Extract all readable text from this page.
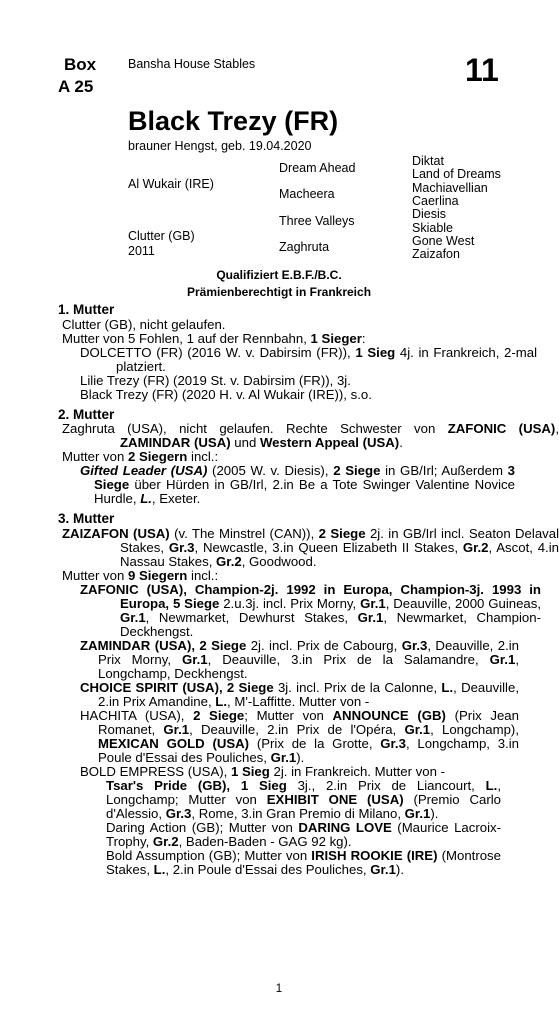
Box
A 25
Bansha House Stables	11
Black Trezy (FR)
brauner Hengst, geb. 19.04.2020
Al Wukair (IRE)
Clutter (GB)
2011
Dream Ahead
Macheera
Three Valleys
Zaghruta
Diktat
Land of Dreams
Machiavellian
Caerlina
Diesis
Skiable
Gone West
Zaizafon
Qualifiziert E.B.F./B.C.
Prämienberechtigt in Frankreich
1. Mutter
Clutter (GB), nicht gelaufen.
Mutter von 5 Fohlen, 1 auf der Rennbahn, 1 Sieger:
DOLCETTO (FR) (2016 W. v. Dabirsim (FR)), 1 Sieg 4j. in Frankreich, 2-mal platziert.
Lilie Trezy (FR) (2019 St. v. Dabirsim (FR)), 3j.
Black Trezy (FR) (2020 H. v. Al Wukair (IRE)), s.o.
2. Mutter
Zaghruta (USA), nicht gelaufen. Rechte Schwester von ZAFONIC (USA), ZAMINDAR (USA) und Western Appeal (USA).
Mutter von 2 Siegern incl.:
Gifted Leader (USA) (2005 W. v. Diesis), 2 Siege in GB/Irl; Außerdem 3 Siege über Hürden in GB/Irl, 2.in Be a Tote Swinger Valentine Novice Hurdle, L., Exeter.
3. Mutter
ZAIZAFON (USA) (v. The Minstrel (CAN)), 2 Siege 2j. in GB/Irl incl. Seaton Delaval Stakes, Gr.3, Newcastle, 3.in Queen Elizabeth II Stakes, Gr.2, Ascot, 4.in Nassau Stakes, Gr.2, Goodwood.
Mutter von 9 Siegern incl.:
ZAFONIC (USA), Champion-2j. 1992 in Europa, Champion-3j. 1993 in Europa, 5 Siege 2.u.3j. incl. Prix Morny, Gr.1, Deauville, 2000 Guineas, Gr.1, Newmarket, Dewhurst Stakes, Gr.1, Newmarket, Champion-Deckhengst.
ZAMINDAR (USA), 2 Siege 2j. incl. Prix de Cabourg, Gr.3, Deauville, 2.in Prix Morny, Gr.1, Deauville, 3.in Prix de la Salamandre, Gr.1, Longchamp, Deckhengst.
CHOICE SPIRIT (USA), 2 Siege 3j. incl. Prix de la Calonne, L., Deauville, 2.in Prix Amandine, L., M'-Laffitte. Mutter von -
HACHITA (USA), 2 Siege; Mutter von ANNOUNCE (GB) (Prix Jean Romanet, Gr.1, Deauville, 2.in Prix de l'Opéra, Gr.1, Longchamp), MEXICAN GOLD (USA) (Prix de la Grotte, Gr.3, Longchamp, 3.in Poule d'Essai des Pouliches, Gr.1).
BOLD EMPRESS (USA), 1 Sieg 2j. in Frankreich. Mutter von -
Tsar's Pride (GB), 1 Sieg 3j., 2.in Prix de Liancourt, L., Longchamp; Mutter von EXHIBIT ONE (USA) (Premio Carlo d'Alessio, Gr.3, Rome, 3.in Gran Premio di Milano, Gr.1).
Daring Action (GB); Mutter von DARING LOVE (Maurice Lacroix-Trophy, Gr.2, Baden-Baden - GAG 92 kg).
Bold Assumption (GB); Mutter von IRISH ROOKIE (IRE) (Montrose Stakes, L., 2.in Poule d'Essai des Pouliches, Gr.1).
1
